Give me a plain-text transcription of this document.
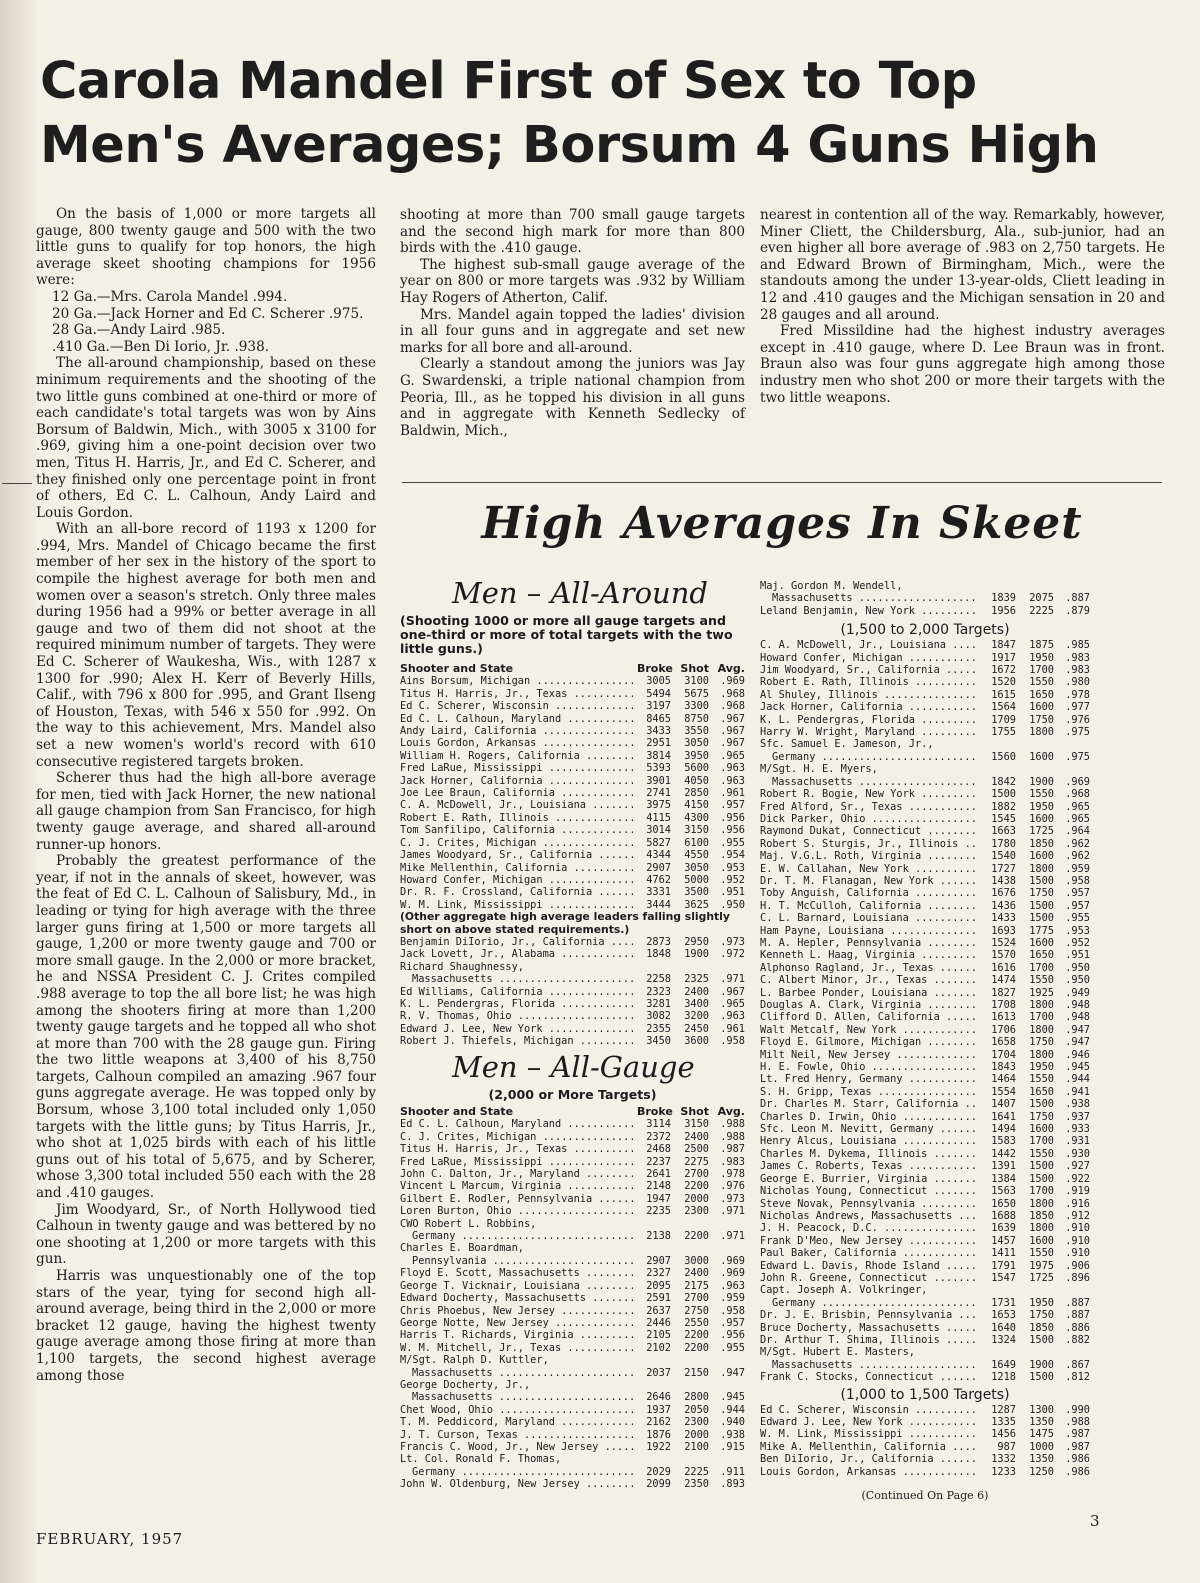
Carola Mandel First of Sex to Top
Men's Averages; Borsum 4 Guns High

On the basis of 1,000 or more targets all gauge, 800 twenty gauge and 500 with the two little guns to qualify for top honors, the high average skeet shooting champions for 1956 were:

12 Ga.—Mrs. Carola Mandel .994.

20 Ga.—Jack Horner and Ed C. Scherer .975.

28 Ga.—Andy Laird .985.

.410 Ga.—Ben Di Iorio, Jr. .938.

The all-around championship, based on these minimum requirements and the shooting of the two little guns combined at one-third or more of each candidate's total targets was won by Ains Borsum of Baldwin, Mich., with 3005 x 3100 for .969, giving him a one-point decision over two men, Titus H. Harris, Jr., and Ed C. Scherer, and they finished only one percentage point in front of others, Ed C. L. Calhoun, Andy Laird and Louis Gordon.

With an all-bore record of 1193 x 1200 for .994, Mrs. Mandel of Chicago became the first member of her sex in the history of the sport to compile the highest average for both men and women over a season's stretch. Only three males during 1956 had a 99% or better average in all gauge and two of them did not shoot at the required minimum number of targets. They were Ed C. Scherer of Waukesha, Wis., with 1287 x 1300 for .990; Alex H. Kerr of Beverly Hills, Calif., with 796 x 800 for .995, and Grant Ilseng of Houston, Texas, with 546 x 550 for .992. On the way to this achievement, Mrs. Mandel also set a new women's world's record with 610 consecutive registered targets broken.

Scherer thus had the high all-bore average for men, tied with Jack Horner, the new national all gauge champion from San Francisco, for high twenty gauge average, and shared all-around runner-up honors.

Probably the greatest performance of the year, if not in the annals of skeet, however, was the feat of Ed C. L. Calhoun of Salisbury, Md., in leading or tying for high average with the three larger guns firing at 1,500 or more targets all gauge, 1,200 or more twenty gauge and 700 or more small gauge. In the 2,000 or more bracket, he and NSSA President C. J. Crites compiled .988 average to top the all bore list; he was high among the shooters firing at more than 1,200 twenty gauge targets and he topped all who shot at more than 700 with the 28 gauge gun. Firing the two little weapons at 3,400 of his 8,750 targets, Calhoun compiled an amazing .967 four guns aggregate average. He was topped only by Borsum, whose 3,100 total included only 1,050 targets with the little guns; by Titus Harris, Jr., who shot at 1,025 birds with each of his little guns out of his total of 5,675, and by Scherer, whose 3,300 total included 550 each with the 28 and .410 gauges.

Jim Woodyard, Sr., of North Hollywood tied Calhoun in twenty gauge and was bettered by no one shooting at 1,200 or more targets with this gun.

Harris was unquestionably one of the top stars of the year, tying for second high all-around average, being third in the 2,000 or more bracket 12 gauge, having the highest twenty gauge average among those firing at more than 1,100 targets, the second highest average among those

shooting at more than 700 small gauge targets and the second high mark for more than 800 birds with the .410 gauge.

The highest sub-small gauge average of the year on 800 or more targets was .932 by William Hay Rogers of Atherton, Calif.

Mrs. Mandel again topped the ladies' division in all four guns and in aggregate and set new marks for all bore and all-around.

Clearly a standout among the juniors was Jay G. Swardenski, a triple national champion from Peoria, Ill., as he topped his division in all guns and in aggregate with Kenneth Sedlecky of Baldwin, Mich.,

nearest in contention all of the way. Remarkably, however, Miner Cliett, the Childersburg, Ala., sub-junior, had an even higher all bore average of .983 on 2,750 targets. He and Edward Brown of Birmingham, Mich., were the standouts among the under 13-year-olds, Cliett leading in 12 and .410 gauges and the Michigan sensation in 20 and 28 gauges and all around.

Fred Missildine had the highest industry averages except in .410 gauge, where D. Lee Braun was in front. Braun also was four guns aggregate high among those industry men who shot 200 or more their targets with the two little weapons.

High Averages In Skeet
Men – All-Around
(Shooting 1000 or more all gauge targets and one-third or more of total targets with the two little guns.)
Shooter and State	Broke Shot Avg.
Ains Borsum, Michigan .....	3005	3100	.969
Titus H. Harris, Jr., Texas .....	5494	5675	.968
Ed C. Scherer, Wisconsin .....	3197	3300	.968
Ed C. L. Calhoun, Maryland .....	8465	8750	.967
Andy Laird, California .....	3433	3550	.967
Louis Gordon, Arkansas .....	2951	3050	.967
William H. Rogers, California .....	3814	3950	.965
Fred LaRue, Mississippi .....	5393	5600	.963
Jack Horner, California .....	3901	4050	.963
Joe Lee Braun, California .....	2741	2850	.961
C. A. McDowell, Jr., Louisiana .....	3975	4150	.957
Robert E. Rath, Illinois .....	4115	4300	.956
Tom Sanfilipo, California .....	3014	3150	.956
C. J. Crites, Michigan .....	5827	6100	.955
James Woodyard, Sr., California .....	4344	4550	.954
Mike Mellenthin, California .....	2907	3050	.953
Howard Confer, Michigan .....	4762	5000	.952
Dr. R. F. Crossland, California .....	3331	3500	.951
W. M. Link, Mississippi .....	3444	3625	.950
(Other aggregate high average leaders falling slightly short on above stated requirements.)
Benjamin DiIorio, Jr., California .....	2873	2950	.973
Jack Lovett, Jr., Alabama .....	1848	1900	.972
Richard Shaughnessy,
Massachusetts .....	2258	2325	.971
Ed Williams, California .....	2323	2400	.967
K. L. Pendergras, Florida .....	3281	3400	.965
R. V. Thomas, Ohio .....	3082	3200	.963
Edward J. Lee, New York .....	2355	2450	.961
Robert J. Thiefels, Michigan .....	3450	3600	.958
Men – All-Gauge
(2,000 or More Targets)
Shooter and State	Broke Shot Avg.
Ed C. L. Calhoun, Maryland .....	3114	3150	.988
C. J. Crites, Michigan .....	2372	2400	.988
Titus H. Harris, Jr., Texas .....	2468	2500	.987
Fred LaRue, Mississippi .....	2237	2275	.983
John C. Dalton, Jr., Maryland .....	2641	2700	.978
Vincent L Marcum, Virginia .....	2148	2200	.976
Gilbert E. Rodler, Pennsylvania .....	1947	2000	.973
Loren Burton, Ohio .....	2235	2300	.971
CWO Robert L. Robbins,
Germany .....	2138	2200	.971
Charles E. Boardman,
Pennsylvania .....	2907	3000	.969
Floyd E. Scott, Massachusetts .....	2327	2400	.969
George T. Vicknair, Louisiana .....	2095	2175	.963
Edward Docherty, Massachusetts .....	2591	2700	.959
Chris Phoebus, New Jersey .....	2637	2750	.958
George Notte, New Jersey .....	2446	2550	.957
Harris T. Richards, Virginia .....	2105	2200	.956
W. M. Mitchell, Jr., Texas .....	2102	2200	.955
M/Sgt. Ralph D. Kuttler,
Massachusetts .....	2037	2150	.947
George Docherty, Jr.,
Massachusetts .....	2646	2800	.945
Chet Wood, Ohio .....	1937	2050	.944
T. M. Peddicord, Maryland .....	2162	2300	.940
J. T. Curson, Texas .....	1876	2000	.938
Francis C. Wood, Jr., New Jersey .....	1922	2100	.915
Lt. Col. Ronald F. Thomas,
Germany .....	2029	2225	.911
John W. Oldenburg, New Jersey .....	2099	2350	.893
Maj. Gordon M. Wendell,
Massachusetts .....	1839	2075	.887
Leland Benjamin, New York .....	1956	2225	.879
(1,500 to 2,000 Targets)
C. A. McDowell, Jr., Louisiana .....	1847	1875	.985
Howard Confer, Michigan .....	1917	1950	.983
Jim Woodyard, Sr., California .....	1672	1700	.983
Robert E. Rath, Illinois .....	1520	1550	.980
Al Shuley, Illinois .....	1615	1650	.978
Jack Horner, California .....	1564	1600	.977
K. L. Pendergras, Florida .....	1709	1750	.976
Harry W. Wright, Maryland .....	1755	1800	.975
Sfc. Samuel E. Jameson, Jr.,
Germany .....	1560	1600	.975
M/Sgt. H. E. Myers,
Massachusetts .....	1842	1900	.969
Robert R. Bogie, New York .....	1500	1550	.968
Fred Alford, Sr., Texas .....	1882	1950	.965
Dick Parker, Ohio .....	1545	1600	.965
Raymond Dukat, Connecticut .....	1663	1725	.964
Robert S. Sturgis, Jr., Illinois .....	1780	1850	.962
Maj. V.G.L. Roth, Virginia .....	1540	1600	.962
E. W. Callahan, New York .....	1727	1800	.959
Dr. T. M. Flanagan, New York .....	1438	1500	.958
Toby Anguish, California .....	1676	1750	.957
H. T. McCulloh, California .....	1436	1500	.957
C. L. Barnard, Louisiana .....	1433	1500	.955
Ham Payne, Louisiana .....	1693	1775	.953
M. A. Hepler, Pennsylvania .....	1524	1600	.952
Kenneth L. Haag, Virginia .....	1570	1650	.951
Alphonso Ragland, Jr., Texas .....	1616	1700	.950
C. Albert Minor, Jr., Texas .....	1474	1550	.950
L. Barbee Ponder, Louisiana .....	1827	1925	.949
Douglas A. Clark, Virginia .....	1708	1800	.948
Clifford D. Allen, California .....	1613	1700	.948
Walt Metcalf, New York .....	1706	1800	.947
Floyd E. Gilmore, Michigan .....	1658	1750	.947
Milt Neil, New Jersey .....	1704	1800	.946
H. E. Fowle, Ohio .....	1843	1950	.945
Lt. Fred Henry, Germany .....	1464	1550	.944
S. H. Gripp, Texas .....	1554	1650	.941
Dr. Charles M. Starr, California .....	1407	1500	.938
Charles D. Irwin, Ohio .....	1641	1750	.937
Sfc. Leon M. Nevitt, Germany .....	1494	1600	.933
Henry Alcus, Louisiana .....	1583	1700	.931
Charles M. Dykema, Illinois .....	1442	1550	.930
James C. Roberts, Texas .....	1391	1500	.927
George E. Burrier, Virginia .....	1384	1500	.922
Nicholas Young, Connecticut .....	1563	1700	.919
Steve Novak, Pennsylvania .....	1650	1800	.916
Nicholas Andrews, Massachusetts .....	1688	1850	.912
J. H. Peacock, D.C. .....	1639	1800	.910
Frank D'Meo, New Jersey .....	1457	1600	.910
Paul Baker, California .....	1411	1550	.910
Edward L. Davis, Rhode Island .....	1791	1975	.906
John R. Greene, Connecticut .....	1547	1725	.896
Capt. Joseph A. Volkringer,
Germany .....	1731	1950	.887
Dr. J. E. Brisbin, Pennsylvania .....	1653	1750	.887
Bruce Docherty, Massachusetts .....	1640	1850	.886
Dr. Arthur T. Shima, Illinois .....	1324	1500	.882
M/Sgt. Hubert E. Masters,
Massachusetts .....	1649	1900	.867
Frank C. Stocks, Connecticut .....	1218	1500	.812
(1,000 to 1,500 Targets)
Ed C. Scherer, Wisconsin .....	1287	1300	.990
Edward J. Lee, New York .....	1335	1350	.988
W. M. Link, Mississippi .....	1456	1475	.987
Mike A. Mellenthin, California .....	987	1000	.987
Ben DiIorio, Jr., California .....	1332	1350	.986
Louis Gordon, Arkansas .....	1233	1250	.986
(Continued On Page 6)
FEBRUARY, 1957
3
